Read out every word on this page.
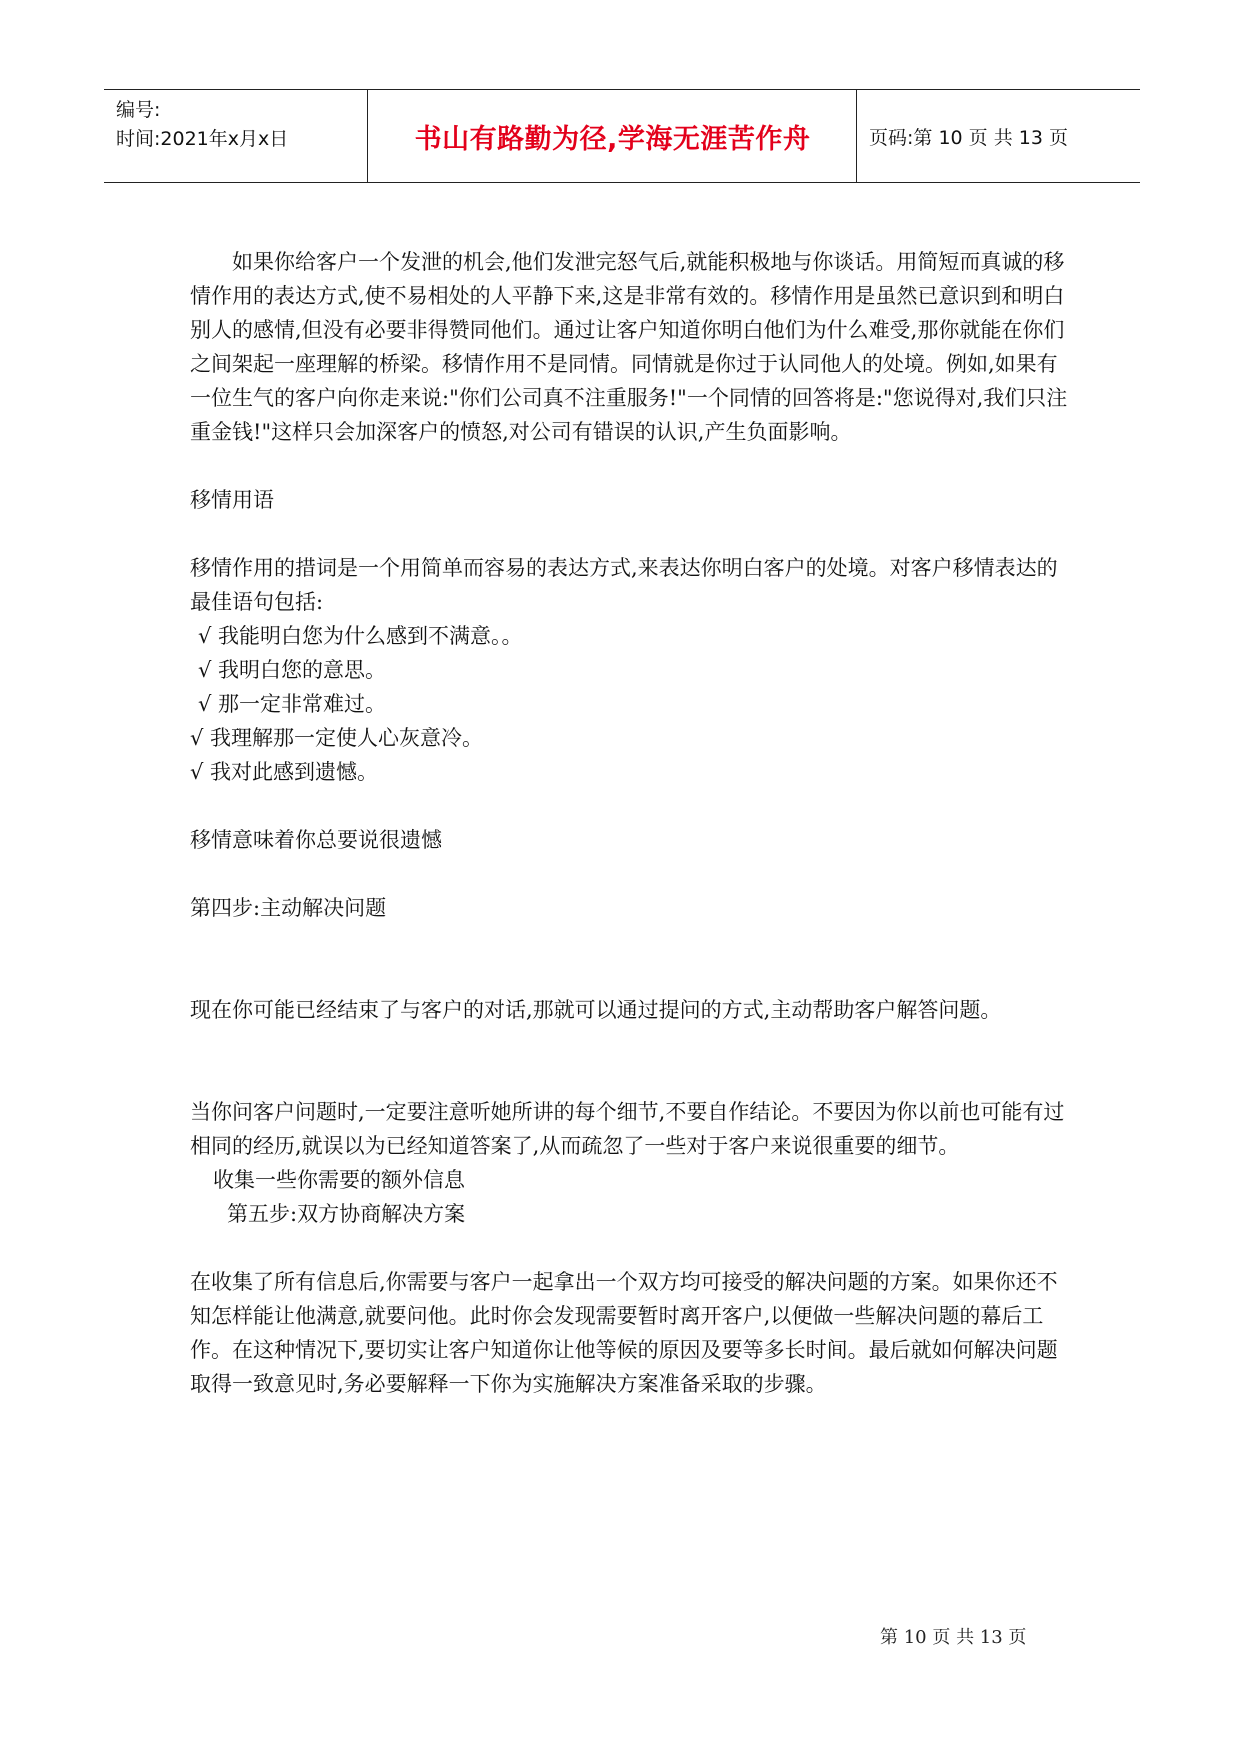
编号:
时间:2021年x月x日	书山有路勤为径,学海无涯苦作舟	页码:第 10 页 共 13 页

如果你给客户一个发泄的机会,他们发泄完怒气后,就能积极地与你谈话。用简短而真诚的移情作用的表达方式,使不易相处的人平静下来,这是非常有效的。移情作用是虽然已意识到和明白别人的感情,但没有必要非得赞同他们。通过让客户知道你明白他们为什么难受,那你就能在你们之间架起一座理解的桥梁。移情作用不是同情。同情就是你过于认同他人的处境。例如,如果有一位生气的客户向你走来说:"你们公司真不注重服务!"一个同情的回答将是:"您说得对,我们只注重金钱!"这样只会加深客户的愤怒,对公司有错误的认识,产生负面影响。

移情用语

移情作用的措词是一个用简单而容易的表达方式,来表达你明白客户的处境。对客户移情表达的最佳语句包括:

√ 我能明白您为什么感到不满意。。

√ 我明白您的意思。

√ 那一定非常难过。

√ 我理解那一定使人心灰意冷。

√ 我对此感到遗憾。

移情意味着你总要说很遗憾

第四步:主动解决问题

现在你可能已经结束了与客户的对话,那就可以通过提问的方式,主动帮助客户解答问题。

当你问客户问题时,一定要注意听她所讲的每个细节,不要自作结论。不要因为你以前也可能有过相同的经历,就误以为已经知道答案了,从而疏忽了一些对于客户来说很重要的细节。

收集一些你需要的额外信息

第五步:双方协商解决方案

在收集了所有信息后,你需要与客户一起拿出一个双方均可接受的解决问题的方案。如果你还不知怎样能让他满意,就要问他。此时你会发现需要暂时离开客户,以便做一些解决问题的幕后工作。在这种情况下,要切实让客户知道你让他等候的原因及要等多长时间。最后就如何解决问题取得一致意见时,务必要解释一下你为实施解决方案准备采取的步骤。

第 10 页 共 13 页
